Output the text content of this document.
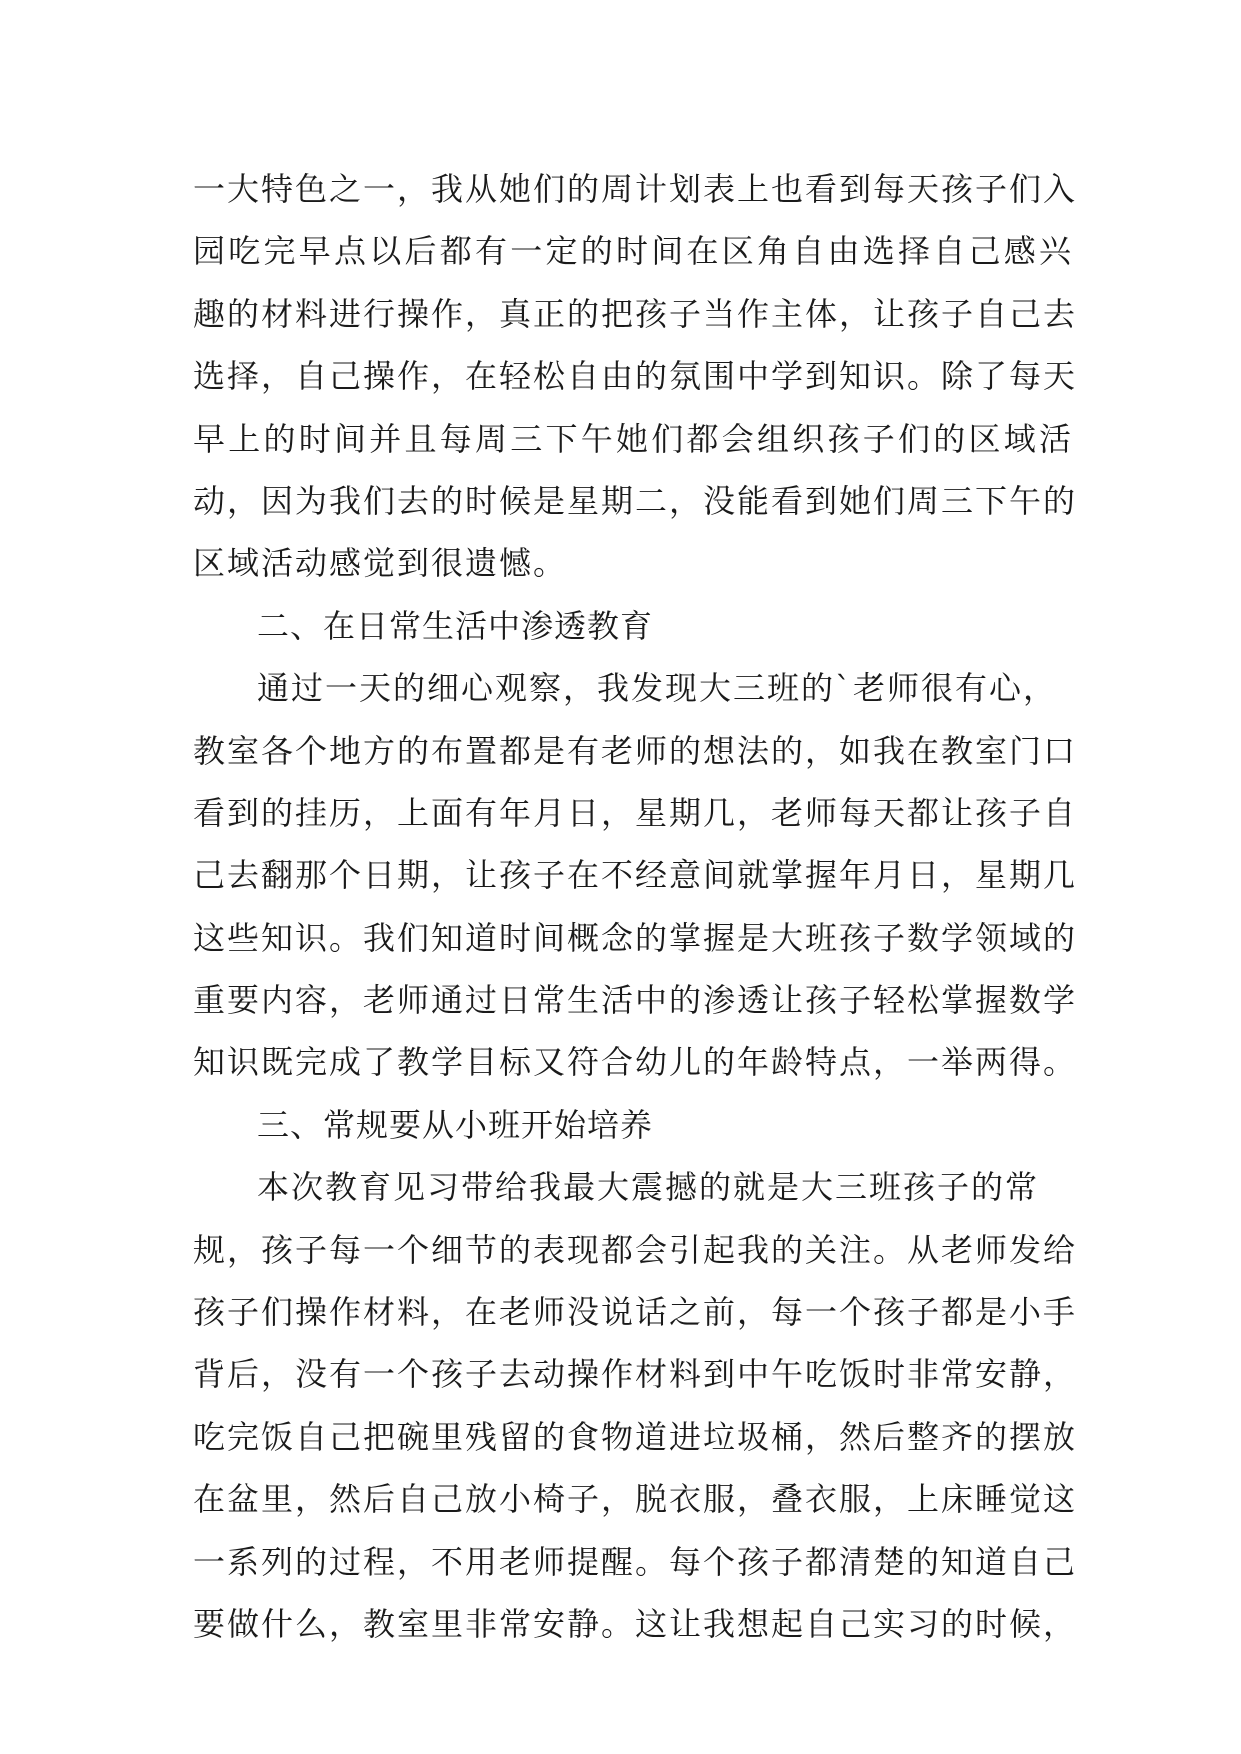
一大特色之一，我从她们的周计划表上也看到每天孩子们入
园吃完早点以后都有一定的时间在区角自由选择自己感兴
趣的材料进行操作，真正的把孩子当作主体，让孩子自己去
选择，自己操作，在轻松自由的氛围中学到知识。除了每天
早上的时间并且每周三下午她们都会组织孩子们的区域活
动，因为我们去的时候是星期二，没能看到她们周三下午的
区域活动感觉到很遗憾。
二、在日常生活中渗透教育
通过一天的细心观察，我发现大三班的`老师很有心，
教室各个地方的布置都是有老师的想法的，如我在教室门口
看到的挂历，上面有年月日，星期几，老师每天都让孩子自
己去翻那个日期，让孩子在不经意间就掌握年月日，星期几
这些知识。我们知道时间概念的掌握是大班孩子数学领域的
重要内容，老师通过日常生活中的渗透让孩子轻松掌握数学
知识既完成了教学目标又符合幼儿的年龄特点，一举两得。
三、常规要从小班开始培养
本次教育见习带给我最大震撼的就是大三班孩子的常
规，孩子每一个细节的表现都会引起我的关注。从老师发给
孩子们操作材料，在老师没说话之前，每一个孩子都是小手
背后，没有一个孩子去动操作材料到中午吃饭时非常安静，
吃完饭自己把碗里残留的食物道进垃圾桶，然后整齐的摆放
在盆里，然后自己放小椅子，脱衣服，叠衣服，上床睡觉这
一系列的过程，不用老师提醒。每个孩子都清楚的知道自己
要做什么，教室里非常安静。这让我想起自己实习的时候，
